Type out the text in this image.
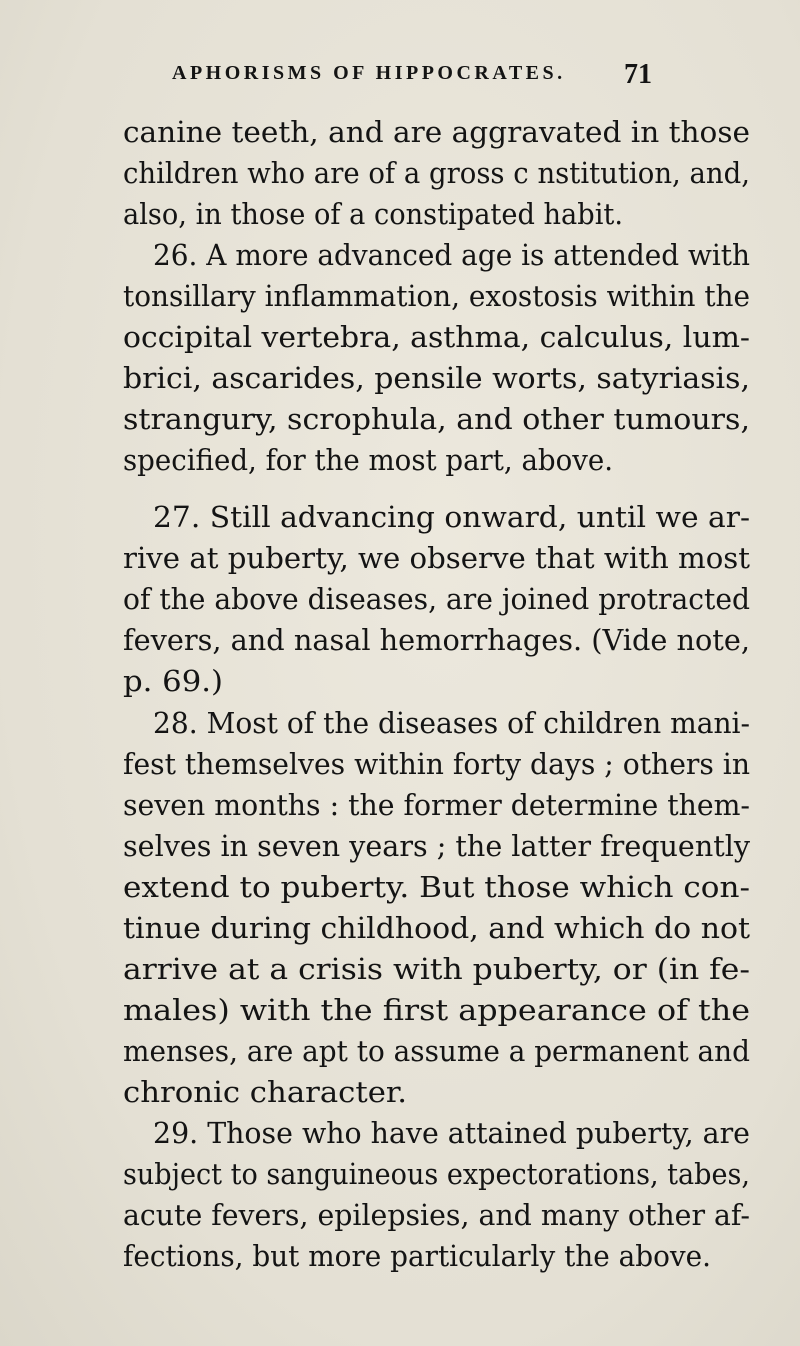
APHORISMS OF HIPPOCRATES. 71
canine teeth, and are aggravated in those
children who are of a gross c nstitution, and,
also, in those of a constipated habit.
26. A more advanced age is attended with
tonsillary inflammation, exostosis within the
occipital vertebra, asthma, calculus, lum-
brici, ascarides, pensile worts, satyriasis,
strangury, scrophula, and other tumours,
specified, for the most part, above.
27. Still advancing onward, until we ar-
rive at puberty, we observe that with most
of the above diseases, are joined protracted
fevers, and nasal hemorrhages. (Vide note,
p. 69.)
28. Most of the diseases of children mani-
fest themselves within forty days ; others in
seven months : the former determine them-
selves in seven years ; the latter frequently
extend to puberty. But those which con-
tinue during childhood, and which do not
arrive at a crisis with puberty, or (in fe-
males) with the first appearance of the
menses, are apt to assume a permanent and
chronic character.
29. Those who have attained puberty, are
subject to sanguineous expectorations, tabes,
acute fevers, epilepsies, and many other af-
fections, but more particularly the above.
